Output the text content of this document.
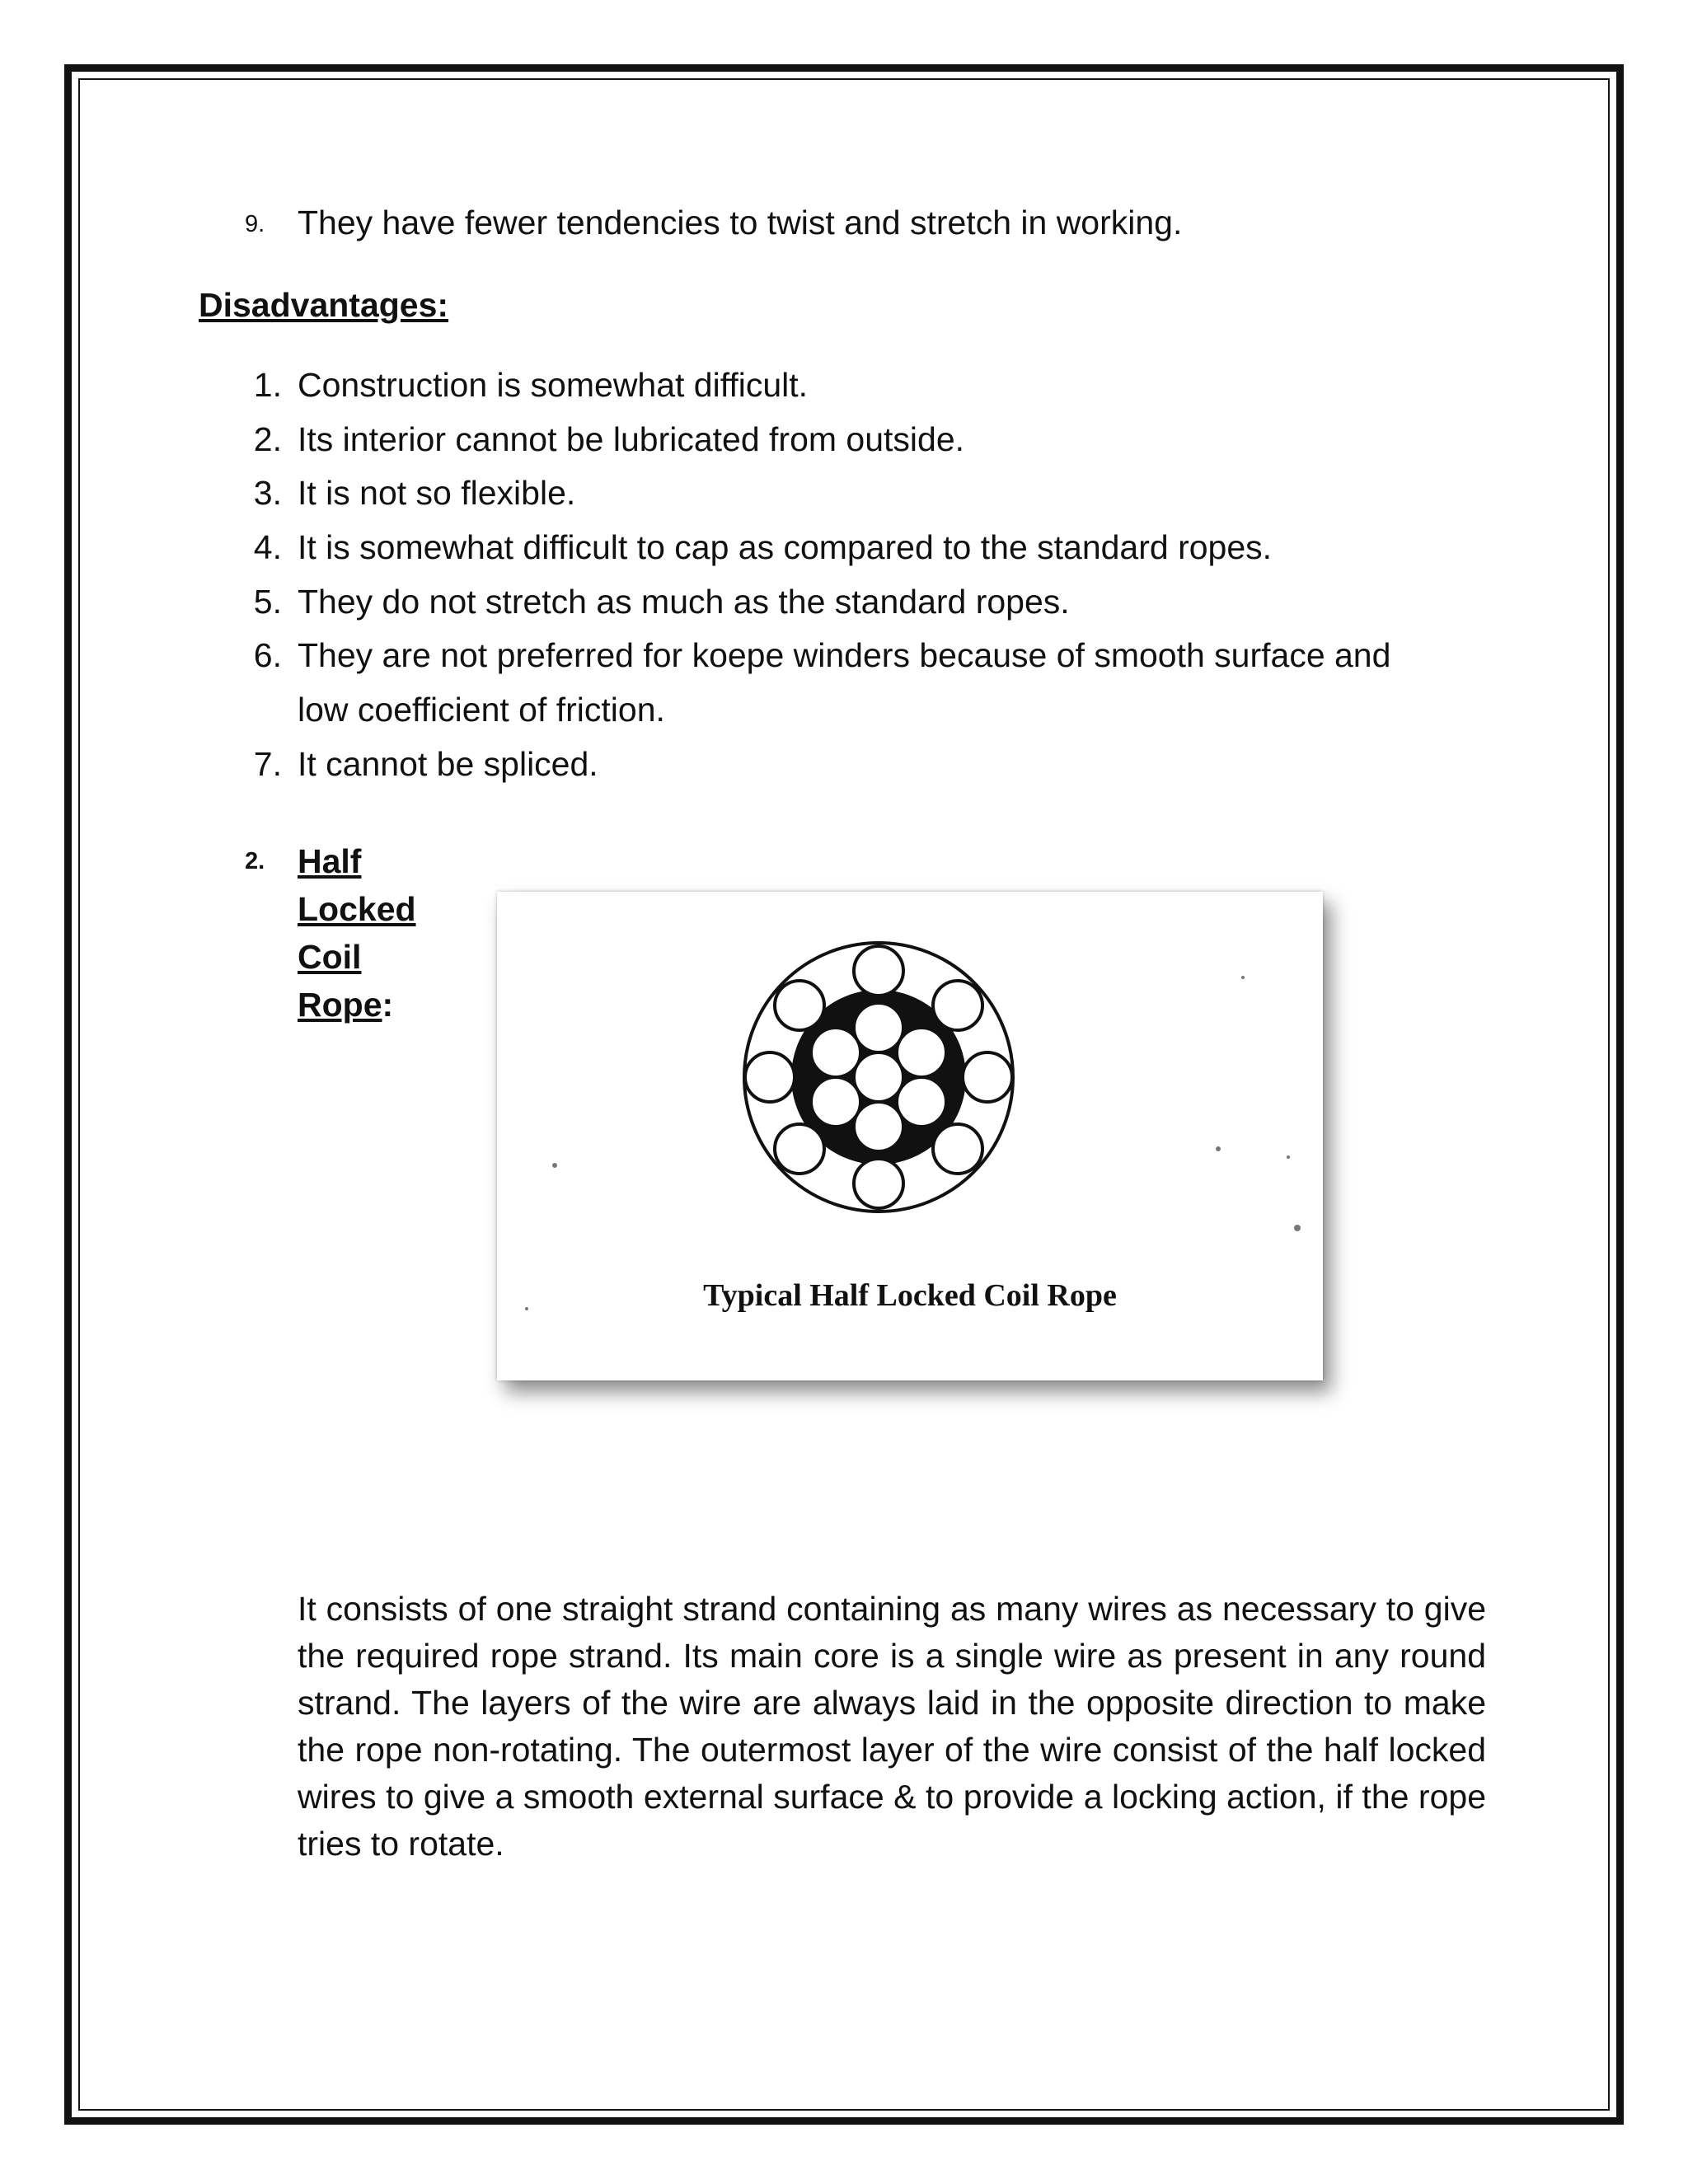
9. They have fewer tendencies to twist and stretch in working.
Disadvantages:
1. Construction is somewhat difficult.
2. Its interior cannot be lubricated from outside.
3. It is not so flexible.
4. It is somewhat difficult to cap as compared to the standard ropes.
5. They do not stretch as much as the standard ropes.
6. They are not preferred for koepe winders because of smooth surface and
low coefficient of friction.
7. It cannot be spliced.
2. Half
Locked
Coil
Rope:
Typical Half Locked Coil Rope
It consists of one straight strand containing as many wires as necessary to give the required rope strand. Its main core is a single wire as present in any round strand. The layers of the wire are always laid in the opposite direction to make the rope non-rotating. The outermost layer of the wire consist of the half locked wires to give a smooth external surface & to provide a locking action, if the rope tries to rotate.
